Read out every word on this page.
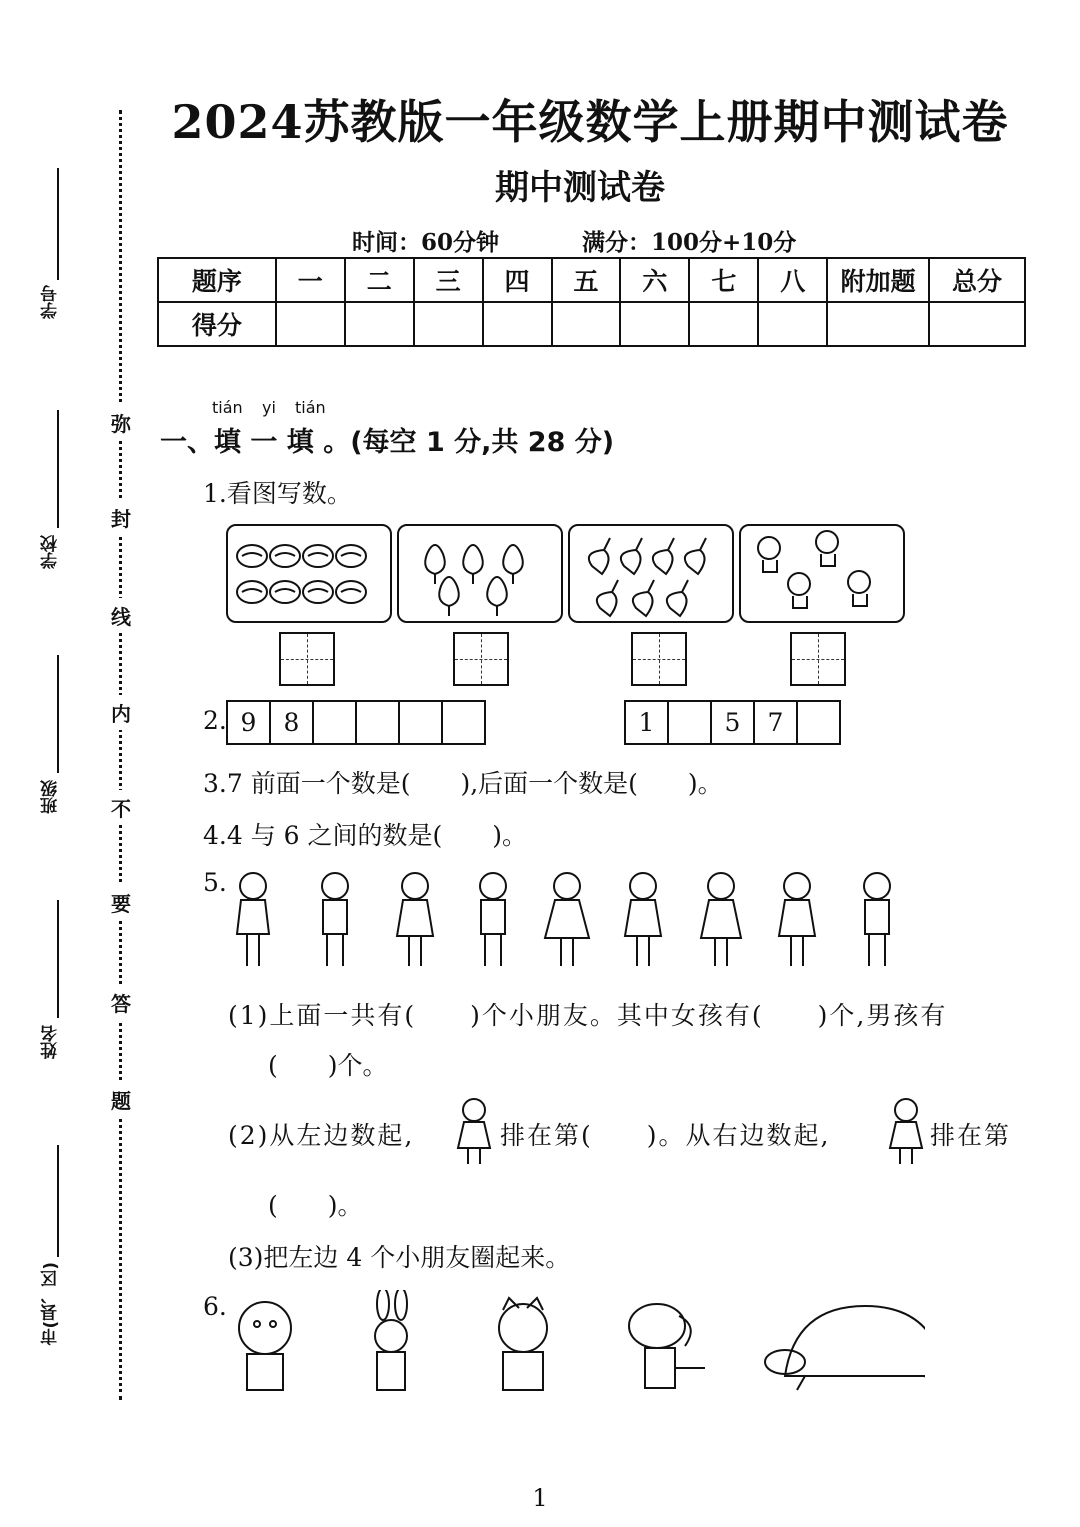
学号
学校
班级
姓名
市(县、区)
弥
封
线
内
不
要
答
题
2024苏教版一年级数学上册期中测试卷
期中测试卷
时间：60分钟	满分：100分+10分
题序	一	二	三	四	五	六	七	八	附加题	总分
得分										
tián yi tián
一、填 一 填 。(每空 1 分,共 28 分)
1.看图写数。
2. 9	8	1	5	7
3.7 前面一个数是(　　),后面一个数是(　　)。
4.4 与 6 之间的数是(　　)。
5.
(1)上面一共有(　　)个小朋友。其中女孩有(　　)个,男孩有
(　　)个。
(2)从左边数起,	排在第(　　)。从右边数起,	排在第
(　　)。
(3)把左边 4 个小朋友圈起来。
6.
1
